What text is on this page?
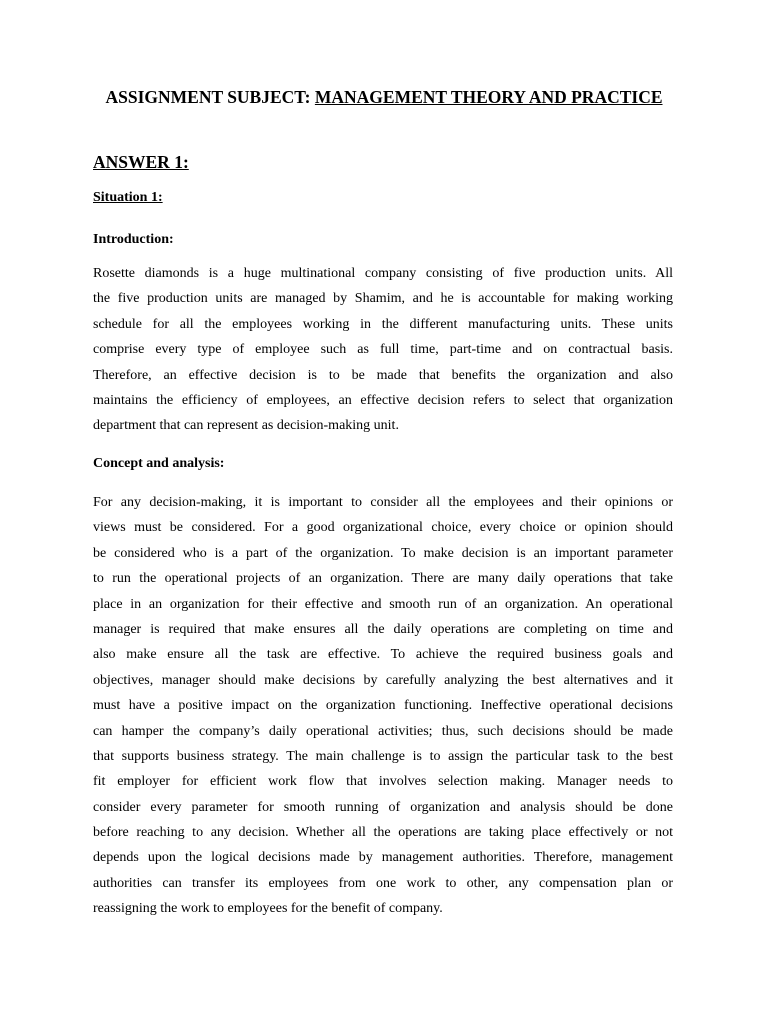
ASSIGNMENT SUBJECT: MANAGEMENT THEORY AND PRACTICE
ANSWER 1:
Situation 1:
Introduction:
Rosette diamonds is a huge multinational company consisting of five production units. All
the five production units are managed by Shamim, and he is accountable for making working
schedule for all the employees working in the different manufacturing units. These units
comprise every type of employee such as full time, part-time and on contractual basis.
Therefore, an effective decision is to be made that benefits the organization and also
maintains the efficiency of employees, an effective decision refers to select that organization
department that can represent as decision-making unit.
Concept and analysis:
For any decision-making, it is important to consider all the employees and their opinions or
views must be considered. For a good organizational choice, every choice or opinion should
be considered who is a part of the organization. To make decision is an important parameter
to run the operational projects of an organization. There are many daily operations that take
place in an organization for their effective and smooth run of an organization. An operational
manager is required that make ensures all the daily operations are completing on time and
also make ensure all the task are effective. To achieve the required business goals and
objectives, manager should make decisions by carefully analyzing the best alternatives and it
must have a positive impact on the organization functioning. Ineffective operational decisions
can hamper the company’s daily operational activities; thus, such decisions should be made
that supports business strategy. The main challenge is to assign the particular task to the best
fit employer for efficient work flow that involves selection making. Manager needs to
consider every parameter for smooth running of organization and analysis should be done
before reaching to any decision. Whether all the operations are taking place effectively or not
depends upon the logical decisions made by management authorities. Therefore, management
authorities can transfer its employees from one work to other, any compensation plan or
reassigning the work to employees for the benefit of company.
